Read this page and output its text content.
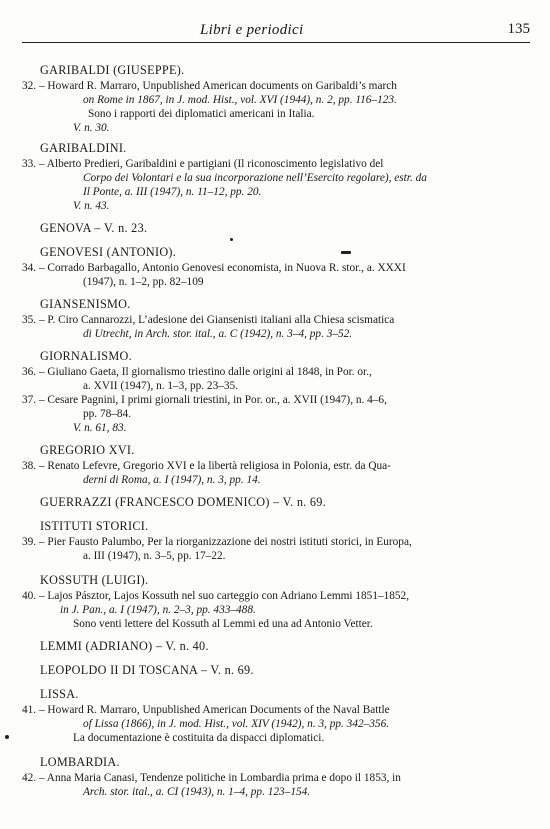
Libri e periodici	135
GARIBALDI (GIUSEPPE).
32. – Howard R. Marraro, Unpublished American documents on Garibaldi’s march
on Rome in 1867, in J. mod. Hist., vol. XVI (1944), n. 2, pp. 116–123.
Sono i rapporti dei diplomatici americani in Italia.
V. n. 30.
GARIBALDINI.
33. – Alberto Predieri, Garibaldini e partigiani (Il riconoscimento legislativo del
Corpo dei Volontari e la sua incorporazione nell’Esercito regolare), estr. da
Il Ponte, a. III (1947), n. 11–12, pp. 20.
V. n. 43.
GENOVA – V. n. 23.
GENOVESI (ANTONIO).
34. – Corrado Barbagallo, Antonio Genovesi economista, in Nuova R. stor., a. XXXI
(1947), n. 1–2, pp. 82–109
GIANSENISMO.
35. – P. Ciro Cannarozzi, L’adesione dei Giansenisti italiani alla Chiesa scismatica
di Utrecht, in Arch. stor. ital., a. C (1942), n. 3–4, pp. 3–52.
GIORNALISMO.
36. – Giuliano Gaeta, Il giornalismo triestino dalle origini al 1848, in Por. or.,
a. XVII (1947), n. 1–3, pp. 23–35.
37. – Cesare Pagnini, I primi giornali triestini, in Por. or., a. XVII (1947), n. 4–6,
pp. 78–84.
V. n. 61, 83.
GREGORIO XVI.
38. – Renato Lefevre, Gregorio XVI e la libertà religiosa in Polonia, estr. da Qua-
derni di Roma, a. I (1947), n. 3, pp. 14.
GUERRAZZI (FRANCESCO DOMENICO) – V. n. 69.
ISTITUTI STORICI.
39. – Pier Fausto Palumbo, Per la riorganizzazione dei nostri istituti storici, in Europa,
a. III (1947), n. 3–5, pp. 17–22.
KOSSUTH (LUIGI).
40. – Lajos Pásztor, Lajos Kossuth nel suo carteggio con Adriano Lemmi 1851–1852,
in J. Pan., a. I (1947), n. 2–3, pp. 433–488.
Sono venti lettere del Kossuth al Lemmi ed una ad Antonio Vetter.
LEMMI (ADRIANO) – V. n. 40.
LEOPOLDO II DI TOSCANA – V. n. 69.
LISSA.
41. – Howard R. Marraro, Unpublished American Documents of the Naval Battle
of Lissa (1866), in J. mod. Hist., vol. XIV (1942), n. 3, pp. 342–356.
La documentazione è costituita da dispacci diplomatici.
LOMBARDIA.
42. – Anna Maria Canasi, Tendenze politiche in Lombardia prima e dopo il 1853, in
Arch. stor. ital., a. CI (1943), n. 1–4, pp. 123–154.
